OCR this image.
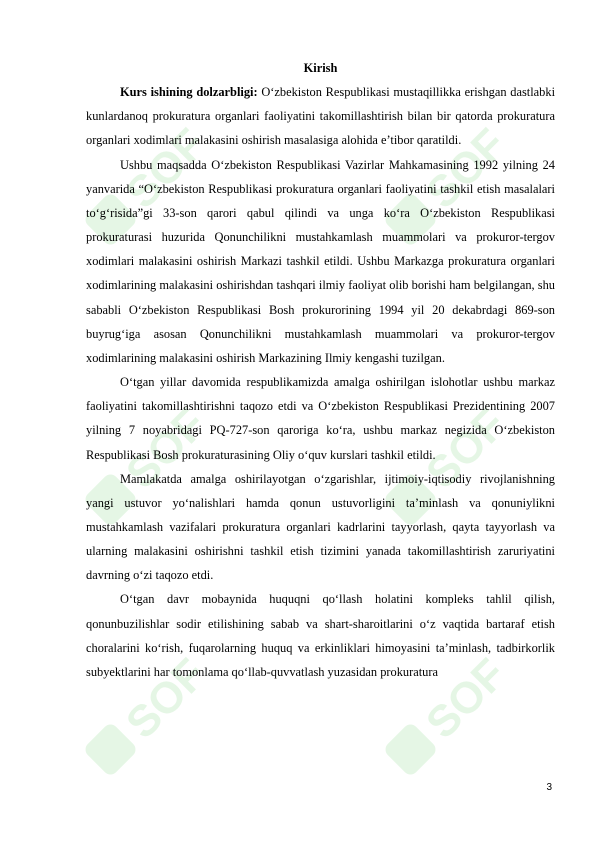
SOF	SOF
SOF	SOF
SOF	SOF

Kirish

Kurs ishining dolzarbligi: O‘zbekiston Respublikasi mustaqillikka erishgan dastlabki kunlardanoq prokuratura organlari faoliyatini takomillashtirish bilan bir qatorda prokuratura organlari xodimlari malakasini oshirish masalasiga alohida e’tibor qaratildi.

Ushbu maqsadda O‘zbekiston Respublikasi Vazirlar Mahkamasining 1992 yilning 24 yanvarida “O‘zbekiston Respublikasi prokuratura organlari faoliyatini tashkil etish masalalari to‘g‘risida”gi 33-son qarori qabul qilindi va unga ko‘ra O‘zbekiston Respublikasi prokuraturasi huzurida Qonunchilikni mustahkamlash muammolari va prokuror-tergov xodimlari malakasini oshirish Markazi tashkil etildi. Ushbu Markazga prokuratura organlari xodimlarining malakasini oshirishdan tashqari ilmiy faoliyat olib borishi ham belgilangan, shu sababli O‘zbekiston Respublikasi Bosh prokurorining 1994 yil 20 dekabrdagi 869-son buyrug‘iga asosan Qonunchilikni mustahkamlash muammolari va prokuror-tergov xodimlarining malakasini oshirish Markazining Ilmiy kengashi tuzilgan.

O‘tgan yillar davomida respublikamizda amalga oshirilgan islohotlar ushbu markaz faoliyatini takomillashtirishni taqozo etdi va O‘zbekiston Respublikasi Prezidentining 2007 yilning 7 noyabridagi PQ-727-son qaroriga ko‘ra, ushbu markaz negizida O‘zbekiston Respublikasi Bosh prokuraturasining Oliy o‘quv kurslari tashkil etildi.

Mamlakatda amalga oshirilayotgan o‘zgarishlar, ijtimoiy-iqtisodiy rivojlanishning yangi ustuvor yo‘nalishlari hamda qonun ustuvorligini ta’minlash va qonuniylikni mustahkamlash vazifalari prokuratura organlari kadrlarini tayyorlash, qayta tayyorlash va ularning malakasini oshirishni tashkil etish tizimini yanada takomillashtirish zaruriyatini davrning o‘zi taqozo etdi.

O‘tgan davr mobaynida huquqni qo‘llash holatini kompleks tahlil qilish, qonunbuzilishlar sodir etilishining sabab va shart-sharoitlarini o‘z vaqtida bartaraf etish choralarini ko‘rish, fuqarolarning huquq va erkinliklari himoyasini ta’minlash, tadbirkorlik subyektlarini har tomonlama qo‘llab-quvvatlash yuzasidan prokuratura

3
